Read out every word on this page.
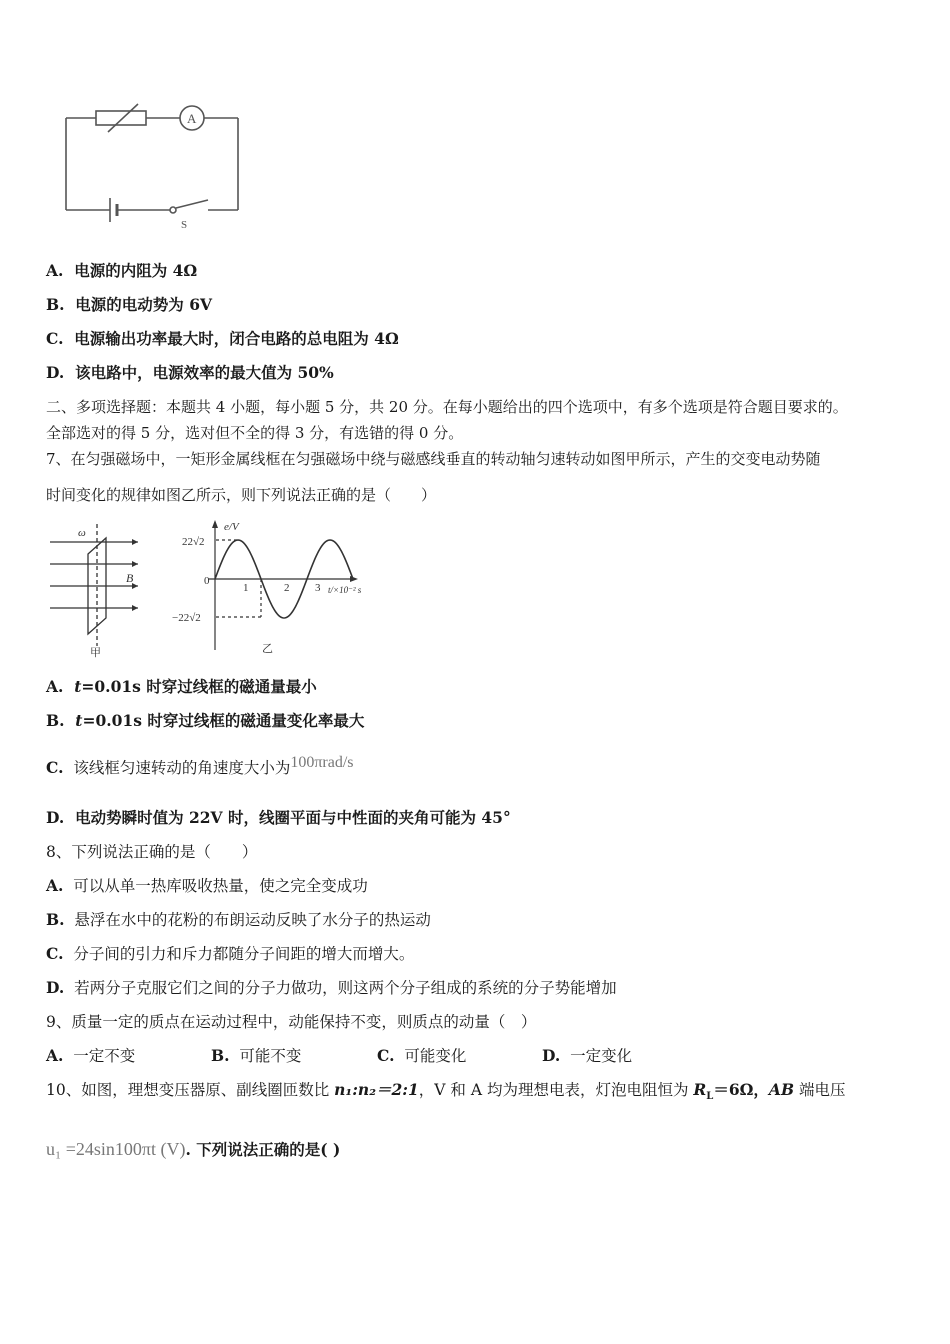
A
S
A. 电源的内阻为 4Ω
B. 电源的电动势为 6V
C. 电源输出功率最大时，闭合电路的总电阻为 4Ω
D. 该电路中，电源效率的最大值为 50%
二、多项选择题：本题共 4 小题，每小题 5 分，共 20 分。在每小题给出的四个选项中，有多个选项是符合题目要求的。
全部选对的得 5 分，选对但不全的得 3 分，有选错的得 0 分。
7、在匀强磁场中，一矩形金属线框在匀强磁场中绕与磁感线垂直的转动轴匀速转动如图甲所示，产生的交变电动势随
时间变化的规律如图乙所示，则下列说法正确的是（　　）
ω
B
甲
e/V
22√2
−22√2
0
1	2 3 t/×10⁻² s
乙
A. t=0.01s 时穿过线框的磁通量最小
B. t=0.01s 时穿过线框的磁通量变化率最大
C. 该线框匀速转动的角速度大小为100πrad/s
D. 电动势瞬时值为 22V 时，线圈平面与中性面的夹角可能为 45°
8、下列说法正确的是（　　）
A. 可以从单一热库吸收热量，使之完全变成功
B. 悬浮在水中的花粉的布朗运动反映了水分子的热运动
C. 分子间的引力和斥力都随分子间距的增大而增大。
D. 若两分子克服它们之间的分子力做功，则这两个分子组成的系统的分子势能增加
9、质量一定的质点在运动过程中，动能保持不变，则质点的动量（　）
A. 一定不变	B. 可能不变	C. 可能变化	D. 一定变化
10、如图，理想变压器原、副线圈匝数比 n₁:n₂＝2:1，V 和 A 均为理想电表，灯泡电阻恒为 $R_L=6\Omega$，AB 端电压
u₁ =24sin100πt (V). 下列说法正确的是( )
